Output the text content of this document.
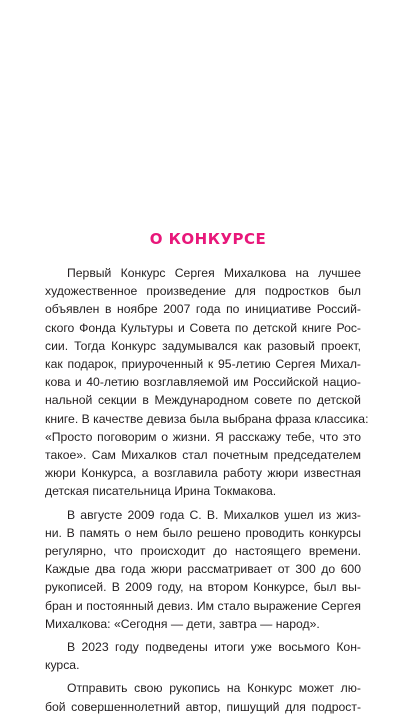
О КОНКУРСЕ

Первый Конкурс Сергея Михалкова на лучшее
художественное произведение для подростков был
объявлен в ноябре 2007 года по инициативе Россий-
ского Фонда Культуры и Совета по детской книге Рос-
сии. Тогда Конкурс задумывался как разовый проект,
как подарок, приуроченный к 95-летию Сергея Михал-
кова и 40-летию возглавляемой им Российской нацио-
нальной секции в Международном совете по детской
книге. В качестве девиза была выбрана фраза классика:
«Просто поговорим о жизни. Я расскажу тебе, что это
такое». Сам Михалков стал почетным председателем
жюри Конкурса, а возглавила работу жюри известная
детская писательница Ирина Токмакова.

В августе 2009 года С. В. Михалков ушел из жиз-
ни. В память о нем было решено проводить конкурсы
регулярно, что происходит до настоящего времени.
Каждые два года жюри рассматривает от 300 до 600
рукописей. В 2009 году, на втором Конкурсе, был вы-
бран и постоянный девиз. Им стало выражение Сергея
Михалкова: «Сегодня — дети, завтра — народ».

В 2023 году подведены итоги уже восьмого Кон-
курса.

Отправить свою рукопись на Конкурс может лю-
бой совершеннолетний автор, пишущий для подрост-
